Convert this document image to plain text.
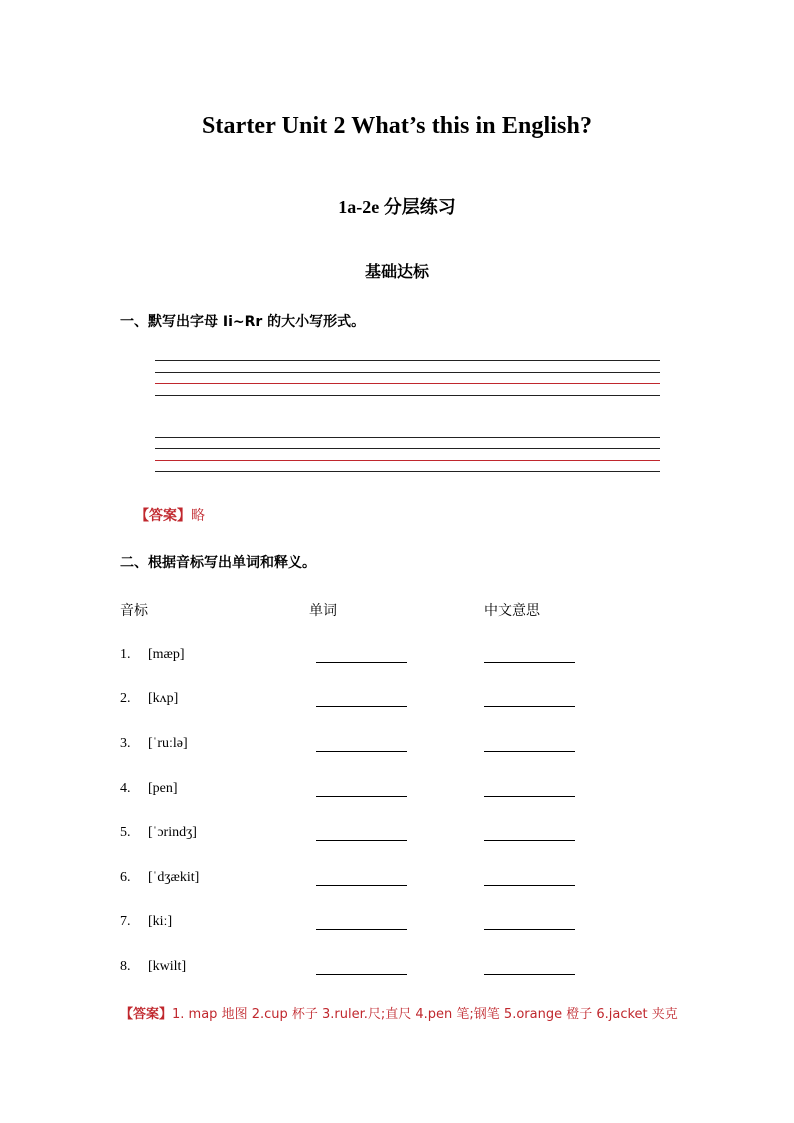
Starter Unit 2 What’s this in English?
1a-2e 分层练习
基础达标
一、默写出字母 Ii~Rr 的大小写形式。
【答案】略
二、根据音标写出单词和释义。
音标	单词	中文意思
1. [mæp]
2. [kʌp]
3. [ˈruːlə]
4. [pen]
5. [ˈɔrindʒ]
6. [ˈdʒækit]
7. [kiː]
8. [kwilt]
【答案】1. map 地图 2.cup 杯子 3.ruler.尺;直尺 4.pen 笔;钢笔 5.orange 橙子 6.jacket 夹克
